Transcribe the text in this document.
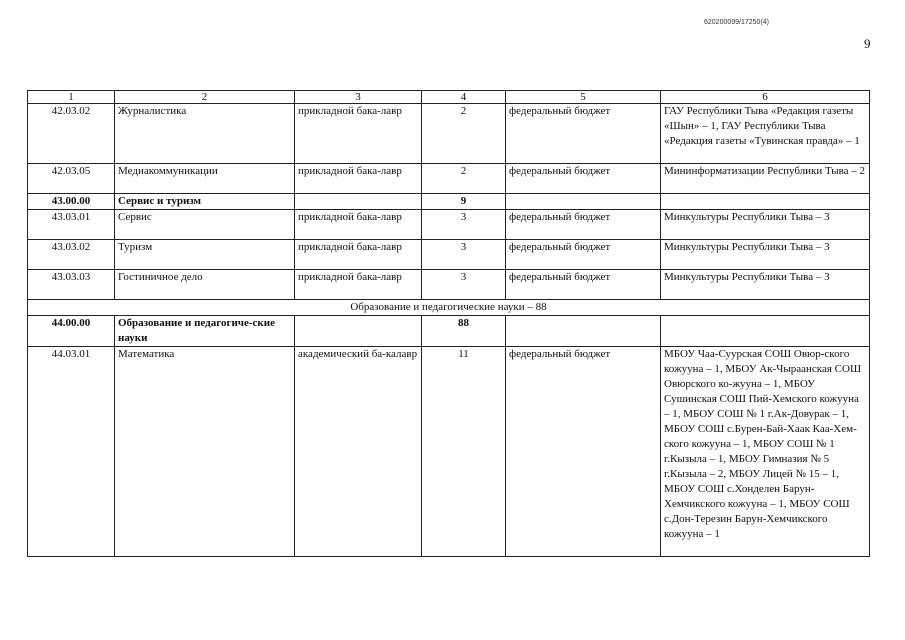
620200099/17250(4)
9
1	2	3	4	5	6
42.03.02	Журналистика	прикладной бака-лавр	2	федеральный бюджет	ГАУ Республики Тыва «Редакция газеты «Шын» – 1, ГАУ Республики Тыва «Редакция газеты «Тувинская правда» – 1
42.03.05	Медиакоммуникации	прикладной бака-лавр	2	федеральный бюджет	Мининформатизации Республики Тыва – 2
43.00.00	Сервис и туризм		9		
43.03.01	Сервис	прикладной бака-лавр	3	федеральный бюджет	Минкультуры Республики Тыва – 3
43.03.02	Туризм	прикладной бака-лавр	3	федеральный бюджет	Минкультуры Республики Тыва – 3
43.03.03	Гостиничное дело	прикладной бака-лавр	3	федеральный бюджет	Минкультуры Республики Тыва – 3
Образование и педагогические науки – 88					
44.00.00	Образование и педагогиче-ские науки		88		
44.03.01	Математика	академический ба-калавр	11	федеральный бюджет	МБОУ Чаа-Суурская СОШ Овюр-ского кожууна – 1, МБОУ Ак-Чыраанская СОШ Овюрского ко-жууна – 1, МБОУ Сушинская СОШ Пий-Хемского кожууна – 1, МБОУ СОШ № 1 г.Ак-Довурак – 1, МБОУ СОШ с.Бурен-Бай-Хаак Каа-Хем-ского кожууна – 1, МБОУ СОШ № 1 г.Кызыла – 1, МБОУ Гимназия № 5 г.Кызыла – 2, МБОУ Лицей № 15 – 1, МБОУ СОШ с.Хонделен Барун-Хемчикского кожууна – 1, МБОУ СОШ с.Дон-Терезин Барун-Хемчикского кожууна – 1
